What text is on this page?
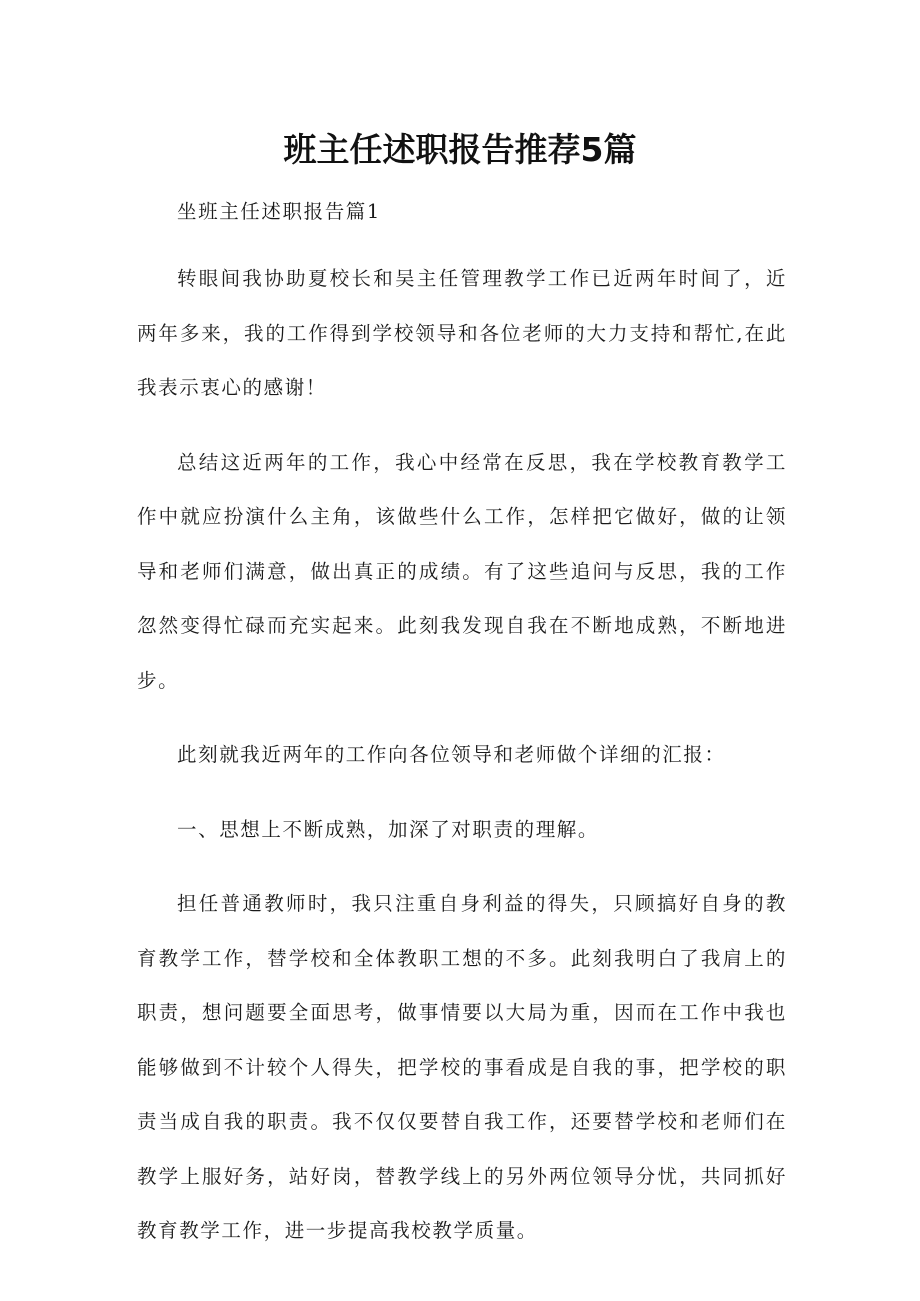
班主任述职报告推荐5篇

坐班主任述职报告篇1

转眼间我协助夏校长和吴主任管理教学工作已近两年时间了，近两年多来，我的工作得到学校领导和各位老师的大力支持和帮忙,在此我表示衷心的感谢！

总结这近两年的工作，我心中经常在反思，我在学校教育教学工作中就应扮演什么主角，该做些什么工作，怎样把它做好，做的让领导和老师们满意，做出真正的成绩。有了这些追问与反思，我的工作忽然变得忙碌而充实起来。此刻我发现自我在不断地成熟，不断地进步。

此刻就我近两年的工作向各位领导和老师做个详细的汇报：

一、思想上不断成熟，加深了对职责的理解。

担任普通教师时，我只注重自身利益的得失，只顾搞好自身的教育教学工作，替学校和全体教职工想的不多。此刻我明白了我肩上的职责，想问题要全面思考，做事情要以大局为重，因而在工作中我也能够做到不计较个人得失，把学校的事看成是自我的事，把学校的职责当成自我的职责。我不仅仅要替自我工作，还要替学校和老师们在教学上服好务，站好岗，替教学线上的另外两位领导分忧，共同抓好教育教学工作，进一步提高我校教学质量。
